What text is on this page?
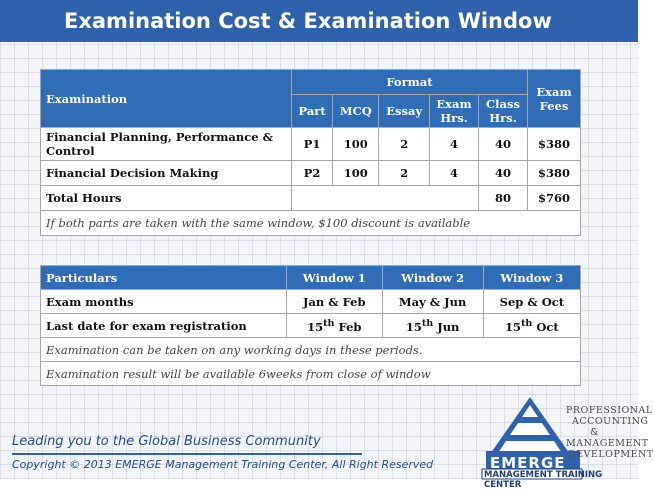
Examination Cost & Examination Window
Examination	Format					Exam Fees
	Part	MCQ	Essay	Exam Hrs.	Class Hrs.	
Financial Planning, Performance & Control	P1	100	2	4	40	$380
Financial Decision Making	P2	100	2	4	40	$380
Total Hours					80	$760
If both parts are taken with the same window, $100 discount is available						
Particulars	Window 1	Window 2	Window 3
Exam months	Jan & Feb	May & Jun	Sep & Oct
Last date for exam registration	15th Feb	15th Jun	15th Oct
Examination can be taken on any working days in these periods.			
Examination result will be available 6weeks from close of window			
Leading you to the Global Business Community
Copyright © 2013 EMERGE Management Training Center, All Right Reserved
PROFESSIONAL
ACCOUNTING
&
MANAGEMENT
DEVELOPMENT
EMERGE
MANAGEMENT TRAINING CENTER
